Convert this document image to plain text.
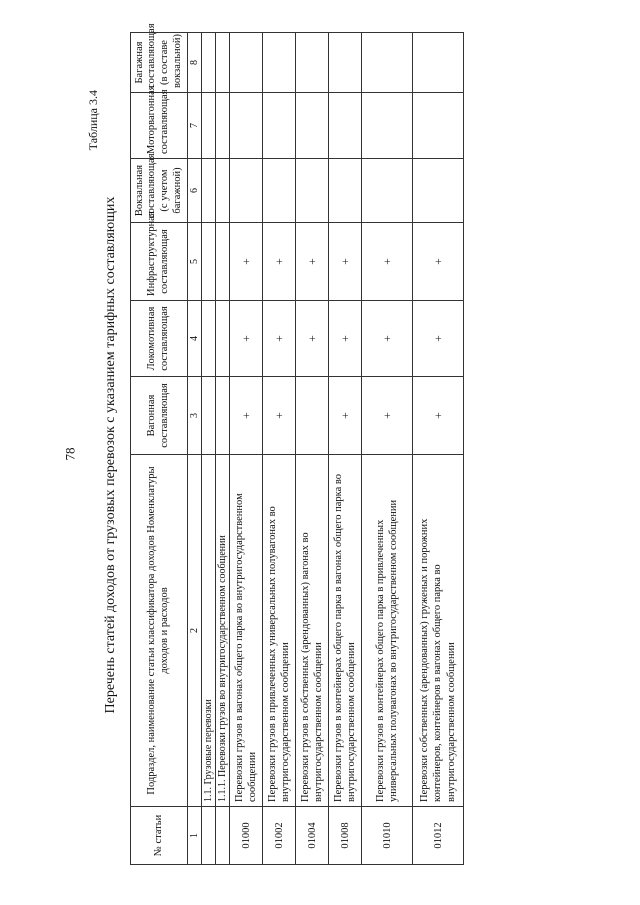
78
Таблица 3.4
Перечень статей доходов от грузовых перевозок с указанием тарифных составляющих
№ статьи	Подраздел, наименование статьи классификатора доходов Номенклатуры доходов и расходов	Вагонная составляющая	Локомотивная составляющая	Инфраструктурная составляющая	Вокзальная составляющая (с учетом багажной)	Моторвагонная составляющая	Багажная составляющая (в составе вокзальной)
1	2	3	4	5	6	7	8
	1.1. Грузовые перевозки						
	1.1.1. Перевозки грузов во внутригосударственном сообщении						
01000	Перевозки грузов в вагонах общего парка во внутригосударственном сообщении	+	+	+			
01002	Перевозки грузов в привлеченных универсальных полувагонах во внутригосударственном сообщении	+	+	+			
01004	Перевозки грузов в собственных (арендованных) вагонах во внутригосударственном сообщении		+	+			
01008	Перевозки грузов в контейнерах общего парка в вагонах общего парка во внутригосударственном сообщении	+	+	+			
01010	Перевозки грузов в контейнерах общего парка в привлеченных универсальных полувагонах во внутригосударственном сообщении	+	+	+			
01012	Перевозки собственных (арендованных) груженых и порожних контейнеров, контейнеров в вагонах общего парка во внутригосударственном сообщении	+	+	+			
